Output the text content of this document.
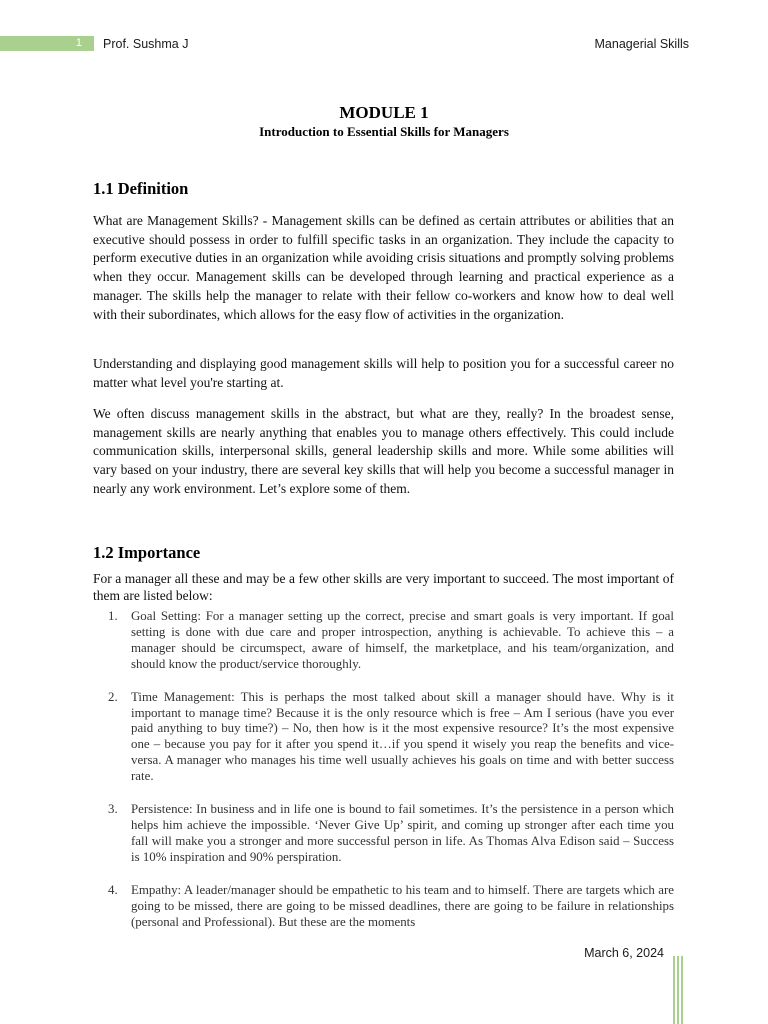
1 Prof. Sushma J	Managerial Skills
MODULE 1
Introduction to Essential Skills for Managers
1.1 Definition

What are Management Skills? - Management skills can be defined as certain attributes or abilities that an executive should possess in order to fulfill specific tasks in an organization. They include the capacity to perform executive duties in an organization while avoiding crisis situations and promptly solving problems when they occur. Management skills can be developed through learning and practical experience as a manager. The skills help the manager to relate with their fellow co-workers and know how to deal well with their subordinates, which allows for the easy flow of activities in the organization.

Understanding and displaying good management skills will help to position you for a successful career no matter what level you're starting at.

We often discuss management skills in the abstract, but what are they, really? In the broadest sense, management skills are nearly anything that enables you to manage others effectively. This could include communication skills, interpersonal skills, general leadership skills and more. While some abilities will vary based on your industry, there are several key skills that will help you become a successful manager in nearly any work environment. Let’s explore some of them.

1.2 Importance

For a manager all these and may be a few other skills are very important to succeed. The most important of them are listed below:

1. Goal Setting: For a manager setting up the correct, precise and smart goals is very important. If goal setting is done with due care and proper introspection, anything is achievable. To achieve this – a manager should be circumspect, aware of himself, the marketplace, and his team/organization, and should know the product/service thoroughly.
2. Time Management: This is perhaps the most talked about skill a manager should have. Why is it important to manage time? Because it is the only resource which is free – Am I serious (have you ever paid anything to buy time?) – No, then how is it the most expensive resource? It’s the most expensive one – because you pay for it after you spend it…if you spend it wisely you reap the benefits and vice-versa. A manager who manages his time well usually achieves his goals on time and with better success rate.
3. Persistence: In business and in life one is bound to fail sometimes. It’s the persistence in a person which helps him achieve the impossible. ‘Never Give Up’ spirit, and coming up stronger after each time you fall will make you a stronger and more successful person in life. As Thomas Alva Edison said – Success is 10% inspiration and 90% perspiration.
4. Empathy: A leader/manager should be empathetic to his team and to himself. There are targets which are going to be missed, there are going to be missed deadlines, there are going to be failure in relationships (personal and Professional). But these are the moments
March 6, 2024
